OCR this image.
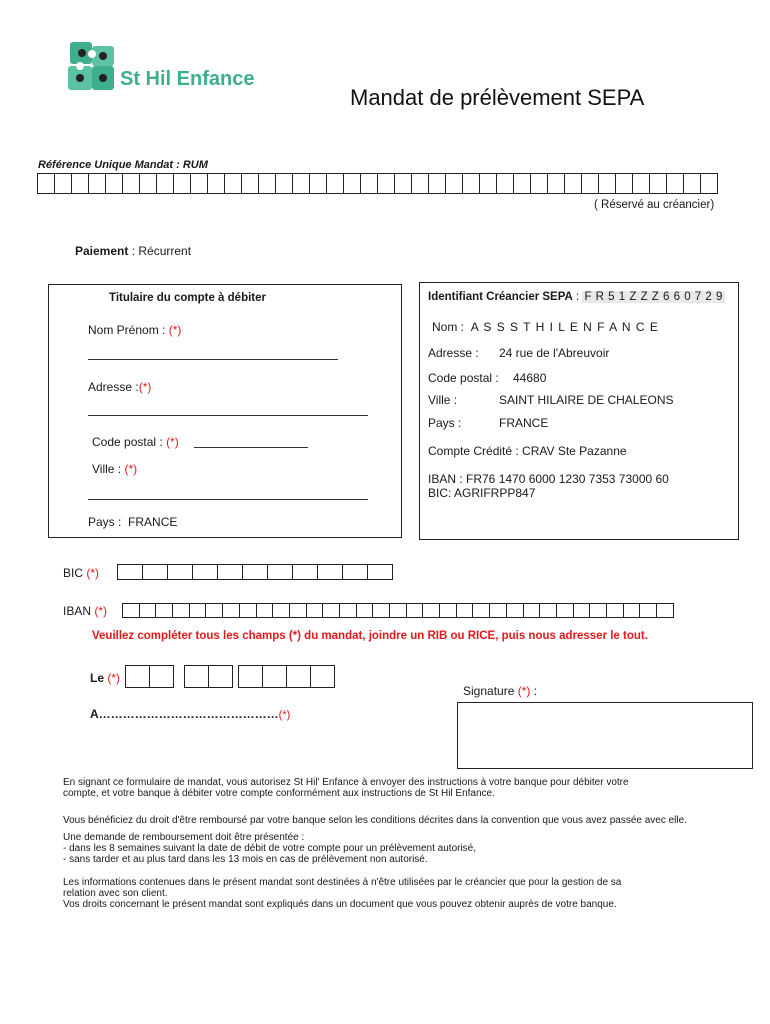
St Hil Enfance
Mandat de prélèvement SEPA
Référence Unique Mandat : RUM
( Réservé au créancier)
Paiement : Récurrent
Titulaire du compte à débiter
Nom Prénom : (*)
Adresse :(*)
Code postal : (*)
Ville : (*)
Pays : FRANCE
Identifiant Créancier SEPA : F R 5 1 Z Z Z 6 6 0 7 2 9
Nom : A S S S T H I L E N F A N C E
Adresse : 24 rue de l'Abreuvoir
Code postal : 44680
Ville :	SAINT HILAIRE DE CHALEONS
Pays :	FRANCE
Compte Crédité : CRAV Ste Pazanne
IBAN : FR76 1470 6000 1230 7353 73000 60
BIC: AGRIFRPP847
BIC (*)
IBAN (*)
Veuillez compléter tous les champs (*) du mandat, joindre un RIB ou RICE, puis nous adresser le tout.
Le (*)
A………………………………………(*)
Signature (*) :

En signant ce formulaire de mandat, vous autorisez St Hil' Enfance à envoyer des instructions à votre banque pour débiter votre compte, et votre banque à débiter votre compte conformément aux instructions de St Hil Enfance.

Vous bénéficiez du droit d'être remboursé par votre banque selon les conditions décrites dans la convention que vous avez passée avec elle.

Une demande de remboursement doit être présentée :

- dans les 8 semaines suivant la date de débit de votre compte pour un prélèvement autorisé,

- sans tarder et au plus tard dans les 13 mois en cas de prélèvement non autorisé.

Les informations contenues dans le présent mandat sont destinées à n'être utilisées par le créancier que pour la gestion de sa relation avec son client.

Vos droits concernant le présent mandat sont expliqués dans un document que vous pouvez obtenir auprès de votre banque.
